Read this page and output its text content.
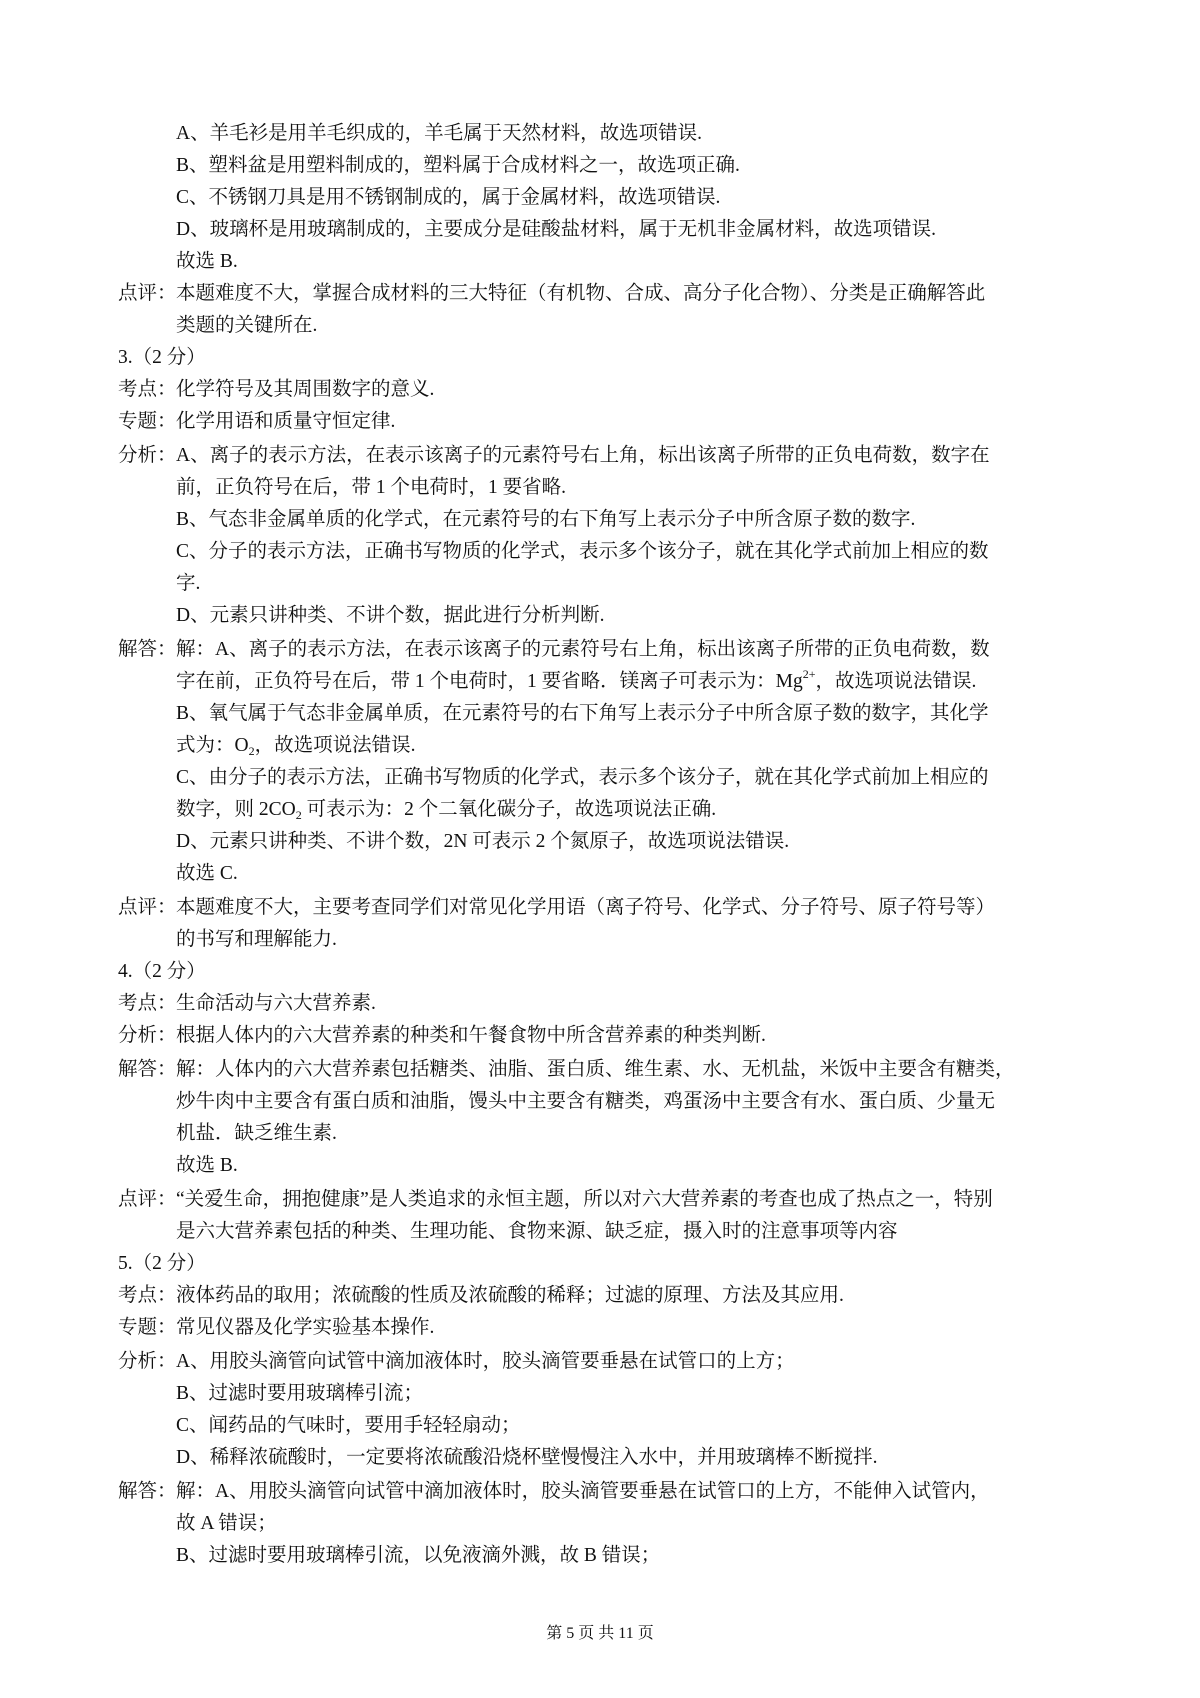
A、羊毛衫是用羊毛织成的，羊毛属于天然材料，故选项错误.
B、塑料盆是用塑料制成的，塑料属于合成材料之一，故选项正确.
C、不锈钢刀具是用不锈钢制成的，属于金属材料，故选项错误.
D、玻璃杯是用玻璃制成的，主要成分是硅酸盐材料，属于无机非金属材料，故选项错误.
故选 B.
点评： 本题难度不大，掌握合成材料的三大特征（有机物、合成、高分子化合物）、分类是正确解答此
类题的关键所在.
3.（2 分）
考点： 化学符号及其周围数字的意义.
专题： 化学用语和质量守恒定律.
分析： A、离子的表示方法，在表示该离子的元素符号右上角，标出该离子所带的正负电荷数，数字在
前，正负符号在后，带 1 个电荷时，1 要省略.
B、气态非金属单质的化学式，在元素符号的右下角写上表示分子中所含原子数的数字.
C、分子的表示方法，正确书写物质的化学式，表示多个该分子，就在其化学式前加上相应的数
字.
D、元素只讲种类、不讲个数，据此进行分析判断.
解答： 解：A、离子的表示方法，在表示该离子的元素符号右上角，标出该离子所带的正负电荷数，数
字在前，正负符号在后，带 1 个电荷时，1 要省略．镁离子可表示为：$Mg^{2+}$，故选项说法错误.
B、氧气属于气态非金属单质，在元素符号的右下角写上表示分子中所含原子数的数字，其化学
式为：$O_2$，故选项说法错误.
C、由分子的表示方法，正确书写物质的化学式，表示多个该分子，就在其化学式前加上相应的
数字，则 $2CO_2$ 可表示为：2 个二氧化碳分子，故选项说法正确.
D、元素只讲种类、不讲个数，2N 可表示 2 个氮原子，故选项说法错误.
故选 C.
点评： 本题难度不大，主要考查同学们对常见化学用语（离子符号、化学式、分子符号、原子符号等）
的书写和理解能力.
4.（2 分）
考点： 生命活动与六大营养素.
分析： 根据人体内的六大营养素的种类和午餐食物中所含营养素的种类判断.
解答： 解：人体内的六大营养素包括糖类、油脂、蛋白质、维生素、水、无机盐，米饭中主要含有糖类，
炒牛肉中主要含有蛋白质和油脂，馒头中主要含有糖类，鸡蛋汤中主要含有水、蛋白质、少量无
机盐．缺乏维生素.
故选 B.
点评： “关爱生命，拥抱健康”是人类追求的永恒主题，所以对六大营养素的考查也成了热点之一，特别
是六大营养素包括的种类、生理功能、食物来源、缺乏症，摄入时的注意事项等内容
5.（2 分）
考点： 液体药品的取用；浓硫酸的性质及浓硫酸的稀释；过滤的原理、方法及其应用.
专题： 常见仪器及化学实验基本操作.
分析： A、用胶头滴管向试管中滴加液体时，胶头滴管要垂悬在试管口的上方；
B、过滤时要用玻璃棒引流；
C、闻药品的气味时，要用手轻轻扇动；
D、稀释浓硫酸时，一定要将浓硫酸沿烧杯壁慢慢注入水中，并用玻璃棒不断搅拌.
解答： 解：A、用胶头滴管向试管中滴加液体时，胶头滴管要垂悬在试管口的上方，不能伸入试管内，
故 A 错误；
B、过滤时要用玻璃棒引流，以免液滴外溅，故 B 错误；
第 5 页 共 11 页
